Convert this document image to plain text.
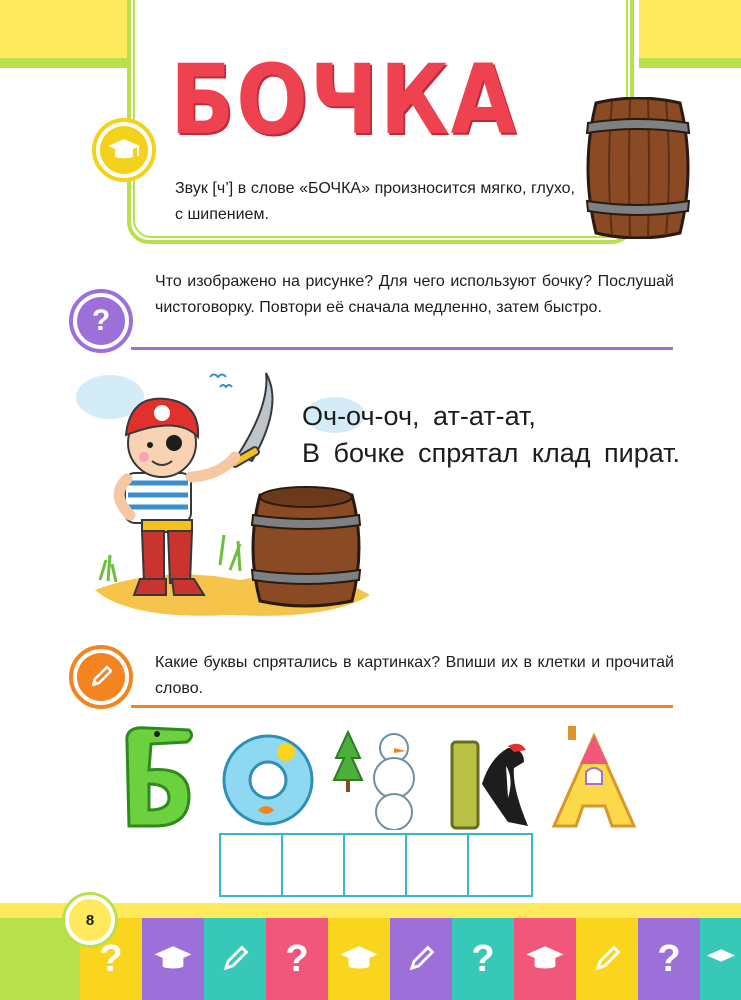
БОЧКА
Звук [ч’] в слове «БОЧКА» произносится мягко, глухо, с шипением.
?
Что изображено на рисунке? Для чего используют бочку? Послушай чистоговорку. Повтори её сначала медленно, затем быстро.
Оч-оч-оч, ат-ат-ат,
В бочке спрятал клад пират.
Какие буквы спрятались в картинках? Впиши их в клетки и прочитай слово.
?	?	?	?
8
